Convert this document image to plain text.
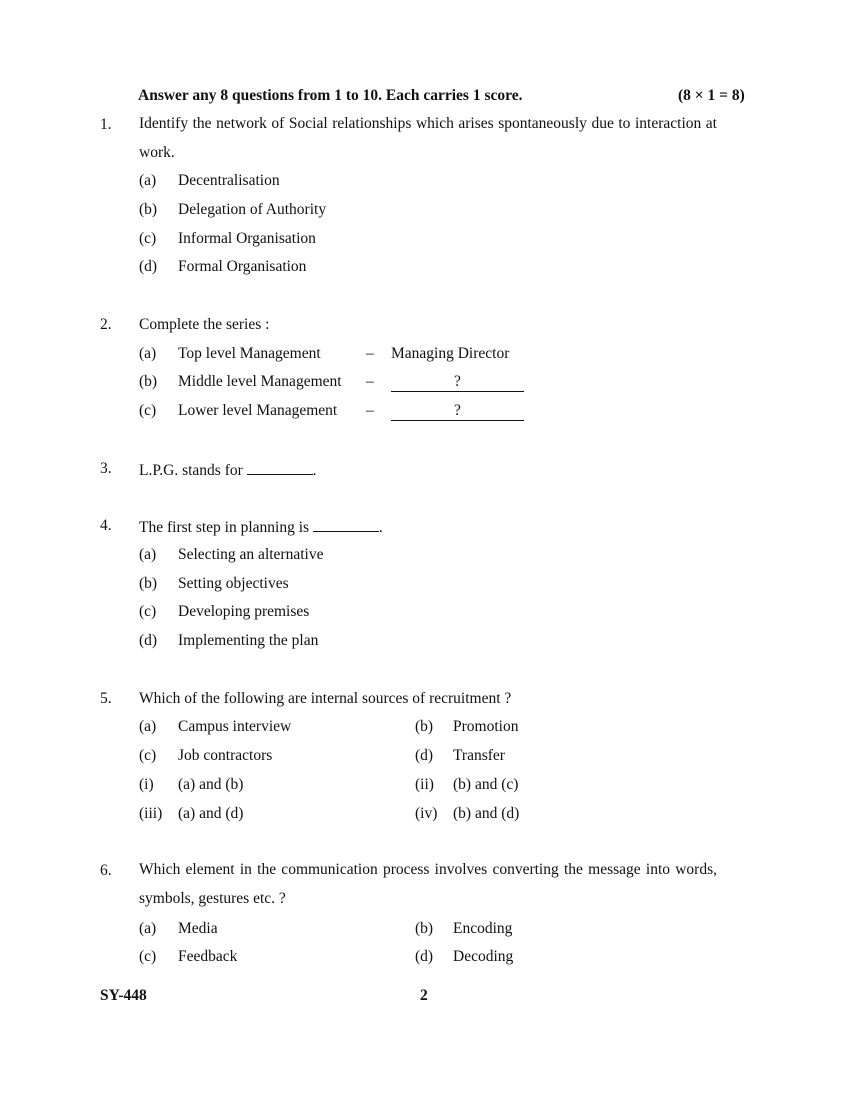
Answer any 8 questions from 1 to 10. Each carries 1 score.	(8 × 1 = 8)
1. Identify the network of Social relationships which arises spontaneously due to interaction at work.
(a) Decentralisation
(b) Delegation of Authority
(c) Informal Organisation
(d) Formal Organisation
2. Complete the series :
(a) Top level Management	– Managing Director
(b) Middle level Management –	?
(c) Lower level Management –	?
3. L.P.G. stands for	.
4. The first step in planning is	.
(a) Selecting an alternative
(b) Setting objectives
(c) Developing premises
(d) Implementing the plan
5. Which of the following are internal sources of recruitment ?
(a) Campus interview	(b) Promotion
(c) Job contractors	(d) Transfer
(i) (a) and (b)	(ii) (b) and (c)
(iii) (a) and (d)	(iv) (b) and (d)
6. Which element in the communication process involves converting the message into words, symbols, gestures etc. ?
(a) Media	(b) Encoding
(c) Feedback	(d) Decoding
SY-448	2
